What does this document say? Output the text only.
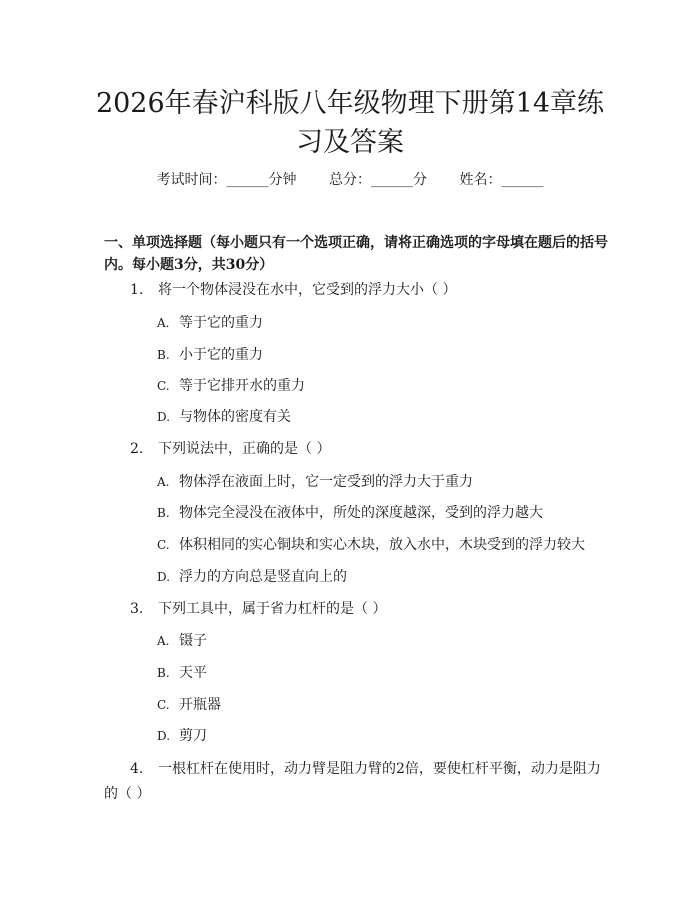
2026年春沪科版八年级物理下册第14章练习及答案
考试时间：______分钟 总分：______分 姓名：______

一、单项选择题（每小题只有一个选项正确，请将正确选项的字母填在题后的括号内。每小题3分，共30分）

1. 将一个物体浸没在水中，它受到的浮力大小（ ）
A. 等于它的重力
B. 小于它的重力
C. 等于它排开水的重力
D. 与物体的密度有关
2. 下列说法中，正确的是（ ）
A. 物体浮在液面上时，它一定受到的浮力大于重力
B. 物体完全浸没在液体中，所处的深度越深，受到的浮力越大
C. 体积相同的实心铜块和实心木块，放入水中，木块受到的浮力较大
D. 浮力的方向总是竖直向上的
3. 下列工具中，属于省力杠杆的是（ ）
A. 镊子
B. 天平
C. 开瓶器
D. 剪刀
4. 一根杠杆在使用时，动力臂是阻力臂的2倍，要使杠杆平衡，动力是阻力的（ ）
